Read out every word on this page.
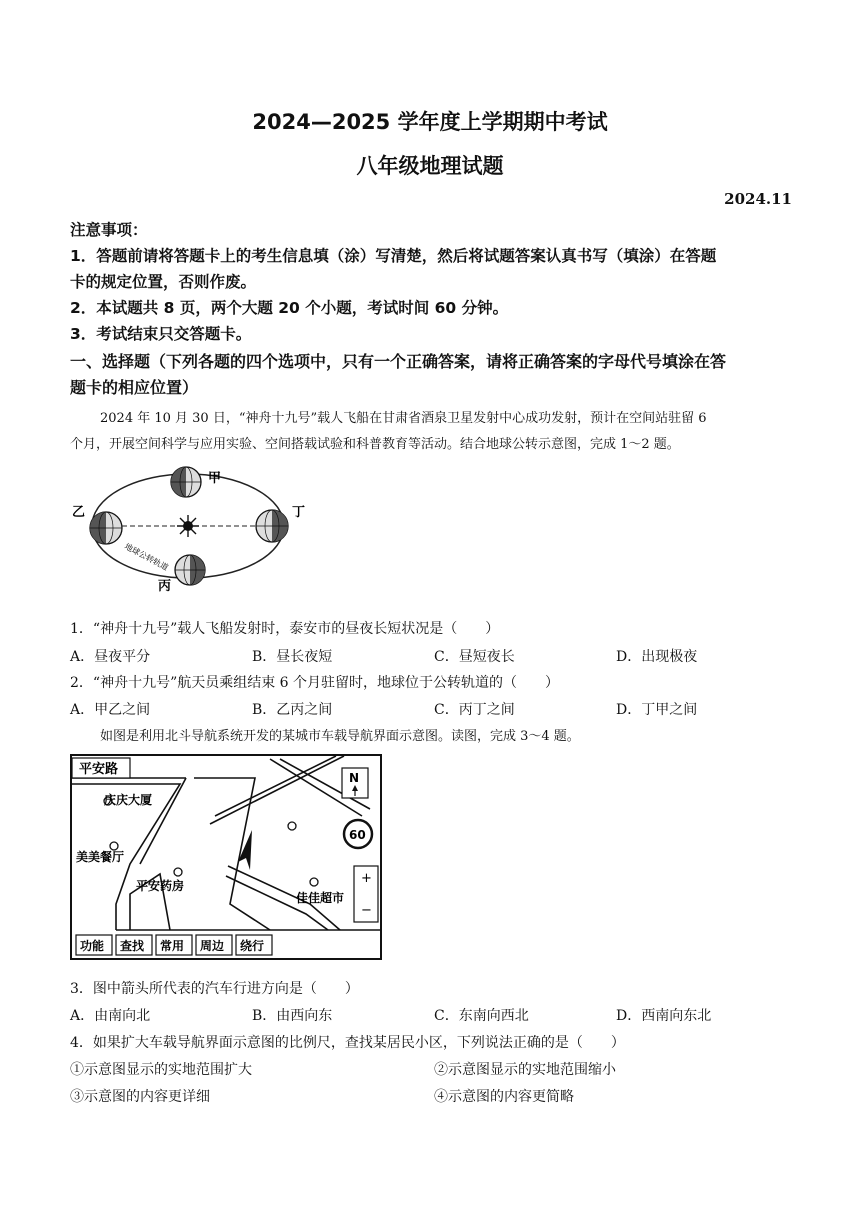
2024—2025 学年度上学期期中考试
八年级地理试题
2024.11
注意事项：
1．答题前请将答题卡上的考生信息填（涂）写清楚，然后将试题答案认真书写（填涂）在答题
卡的规定位置，否则作废。
2．本试题共 8 页，两个大题 20 个小题，考试时间 60 分钟。
3．考试结束只交答题卡。
一、选择题（下列各题的四个选项中，只有一个正确答案，请将正确答案的字母代号填涂在答
题卡的相应位置）
2024 年 10 月 30 日，“神舟十九号”载人飞船在甘肃省酒泉卫星发射中心成功发射，预计在空间站驻留 6
个月，开展空间科学与应用实验、空间搭载试验和科普教育等活动。结合地球公转示意图，完成 1～2 题。
甲
乙	丁
丙
地球公转轨道
1．“神舟十九号”载人飞船发射时，泰安市的昼夜长短状况是（　　）
A．昼夜平分	B．昼长夜短	C．昼短夜长	D．出现极夜
2．“神舟十九号”航天员乘组结束 6 个月驻留时，地球位于公转轨道的（　　）
A．甲乙之间	B．乙丙之间	C．丙丁之间	D．丁甲之间
如图是利用北斗导航系统开发的某城市车载导航界面示意图。读图，完成 3～4 题。
平安路
庆庆大厦
美美餐厅
平安药房
佳佳超市
N
60
+
−
功能 查找 常用 周边 绕行
3．图中箭头所代表的汽车行进方向是（　　）
A．由南向北	B．由西向东	C．东南向西北	D．西南向东北
4．如果扩大车载导航界面示意图的比例尺，查找某居民小区，下列说法正确的是（　　）
①示意图显示的实地范围扩大	②示意图显示的实地范围缩小
③示意图的内容更详细	④示意图的内容更简略
